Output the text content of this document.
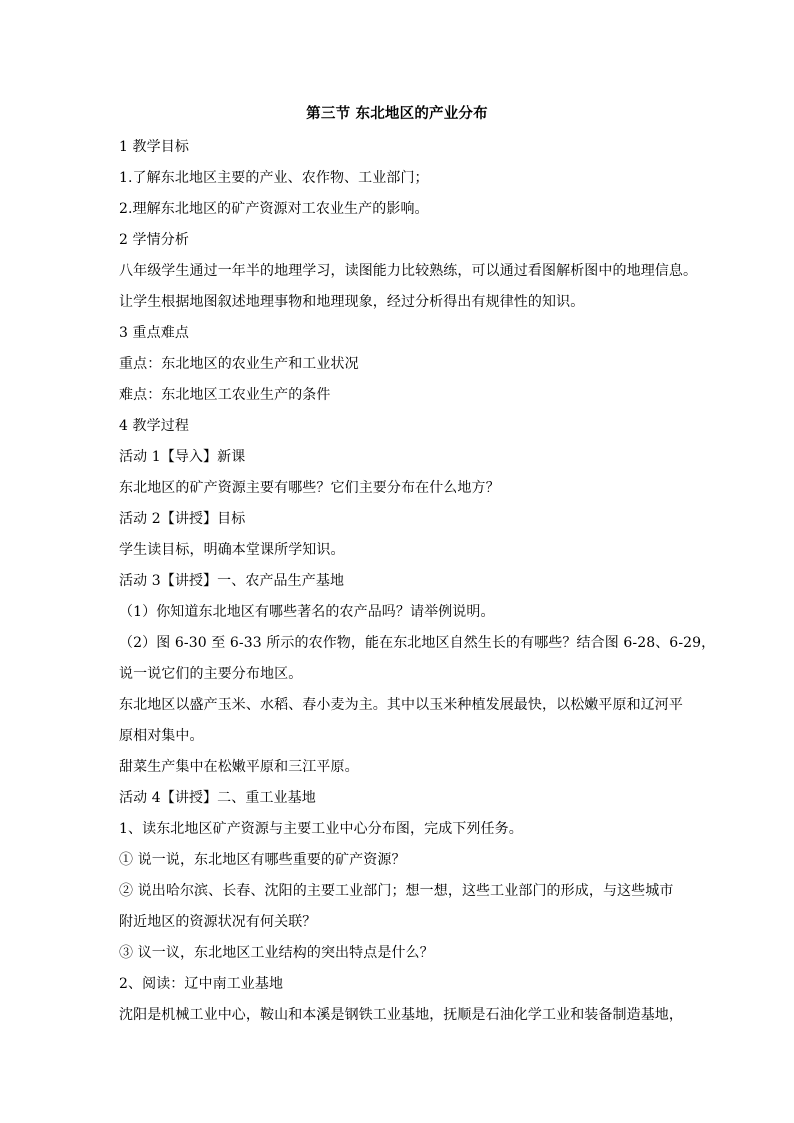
第三节 东北地区的产业分布
1 教学目标
1.了解东北地区主要的产业、农作物、工业部门；
2.理解东北地区的矿产资源对工农业生产的影响。
2 学情分析
八年级学生通过一年半的地理学习，读图能力比较熟练，可以通过看图解析图中的地理信息。
让学生根据地图叙述地理事物和地理现象，经过分析得出有规律性的知识。
3 重点难点
重点：东北地区的农业生产和工业状况
难点：东北地区工农业生产的条件
4 教学过程
活动 1【导入】新课
东北地区的矿产资源主要有哪些？它们主要分布在什么地方？
活动 2【讲授】目标
学生读目标，明确本堂课所学知识。
活动 3【讲授】一、农产品生产基地
（1）你知道东北地区有哪些著名的农产品吗？请举例说明。
（2）图 6-30 至 6-33 所示的农作物，能在东北地区自然生长的有哪些？结合图 6-28、6-29，
说一说它们的主要分布地区。
东北地区以盛产玉米、水稻、春小麦为主。其中以玉米种植发展最快，以松嫩平原和辽河平
原相对集中。
甜菜生产集中在松嫩平原和三江平原。
活动 4【讲授】二、重工业基地
1、读东北地区矿产资源与主要工业中心分布图，完成下列任务。
① 说一说，东北地区有哪些重要的矿产资源？
② 说出哈尔滨、长春、沈阳的主要工业部门；想一想，这些工业部门的形成，与这些城市
附近地区的资源状况有何关联？
③ 议一议，东北地区工业结构的突出特点是什么？
2、阅读：辽中南工业基地
沈阳是机械工业中心，鞍山和本溪是钢铁工业基地，抚顺是石油化学工业和装备制造基地，
